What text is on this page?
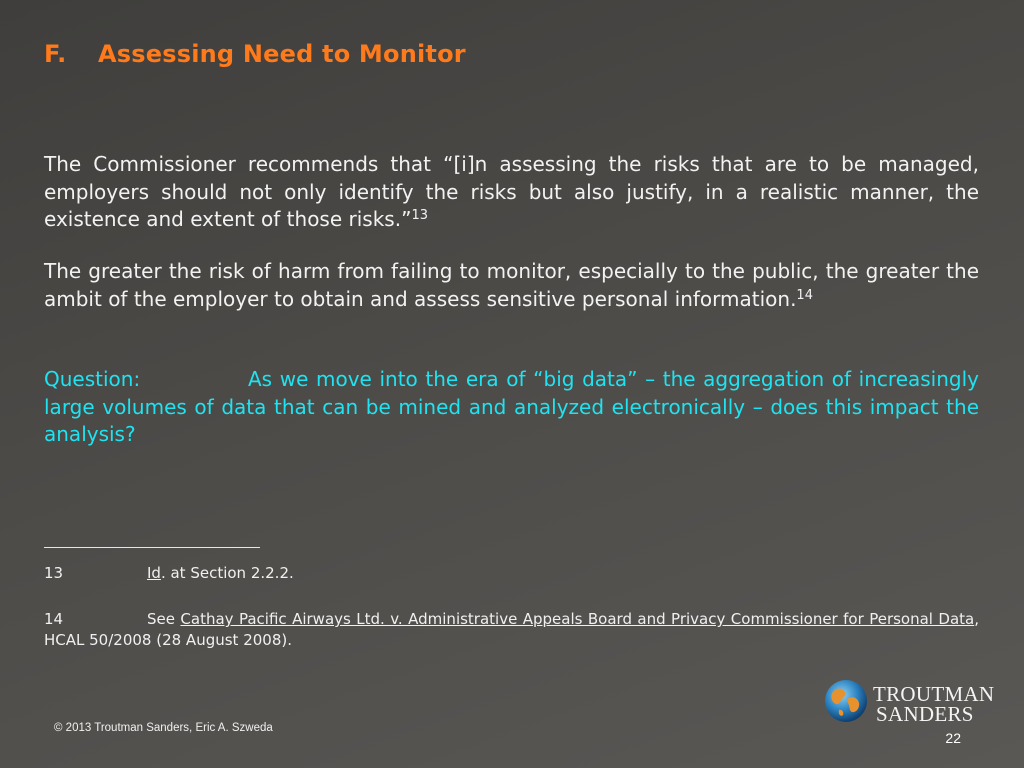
F. Assessing Need to Monitor
The Commissioner recommends that “[i]n assessing the risks that are to be managed, employers should not only identify the risks but also justify, in a realistic manner, the existence and extent of those risks.”$^{13}$
The greater the risk of harm from failing to monitor, especially to the public, the greater the ambit of the employer to obtain and assess sensitive personal information.$^{14}$
Question:	As we move into the era of “big data” – the aggregation of increasingly large volumes of data that can be mined and analyzed electronically – does this impact the analysis?
13	Id. at Section 2.2.2.
14	See Cathay Pacific Airways Ltd. v. Administrative Appeals Board and Privacy Commissioner for Personal Data, HCAL 50/2008 (28 August 2008).
© 2013 Troutman Sanders, Eric A. Szweda
TROUTMAN
SANDERS
22
